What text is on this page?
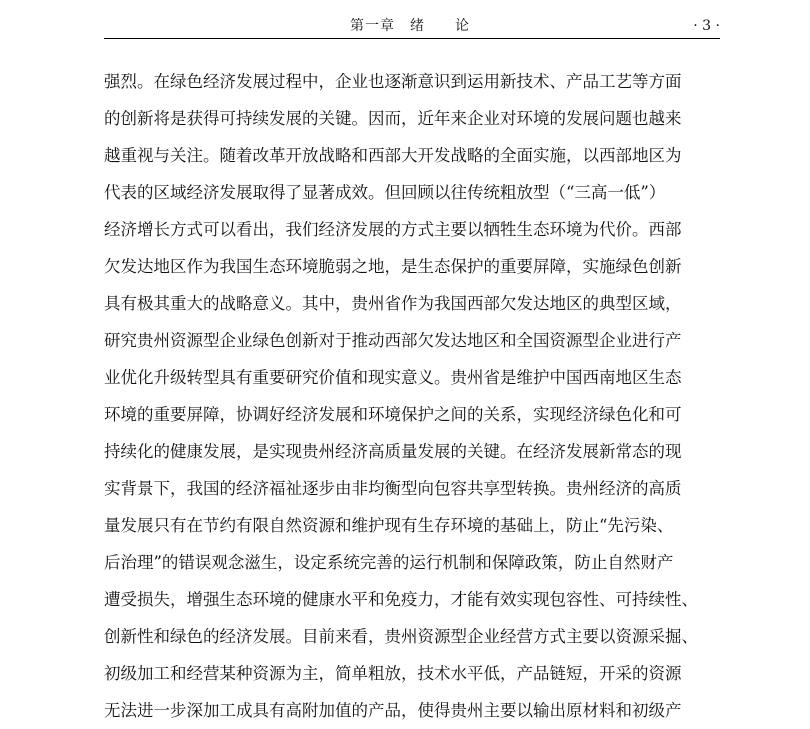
第一章　绪　　论	· 3 ·
强烈。在绿色经济发展过程中，企业也逐渐意识到运用新技术、产品工艺等方面
的创新将是获得可持续发展的关键。因而，近年来企业对环境的发展问题也越来
越重视与关注。随着改革开放战略和西部大开发战略的全面实施，以西部地区为
代表的区域经济发展取得了显著成效。但回顾以往传统粗放型（“三高一低”）
经济增长方式可以看出，我们经济发展的方式主要以牺牲生态环境为代价。西部
欠发达地区作为我国生态环境脆弱之地，是生态保护的重要屏障，实施绿色创新
具有极其重大的战略意义。其中，贵州省作为我国西部欠发达地区的典型区域，
研究贵州资源型企业绿色创新对于推动西部欠发达地区和全国资源型企业进行产
业优化升级转型具有重要研究价值和现实意义。贵州省是维护中国西南地区生态
环境的重要屏障，协调好经济发展和环境保护之间的关系，实现经济绿色化和可
持续化的健康发展，是实现贵州经济高质量发展的关键。在经济发展新常态的现
实背景下，我国的经济福祉逐步由非均衡型向包容共享型转换。贵州经济的高质
量发展只有在节约有限自然资源和维护现有生存环境的基础上，防止“先污染、
后治理”的错误观念滋生，设定系统完善的运行机制和保障政策，防止自然财产
遭受损失，增强生态环境的健康水平和免疫力，才能有效实现包容性、可持续性、
创新性和绿色的经济发展。目前来看，贵州资源型企业经营方式主要以资源采掘、
初级加工和经营某种资源为主，简单粗放，技术水平低，产品链短，开采的资源
无法进一步深加工成具有高附加值的产品，使得贵州主要以输出原材料和初级产
